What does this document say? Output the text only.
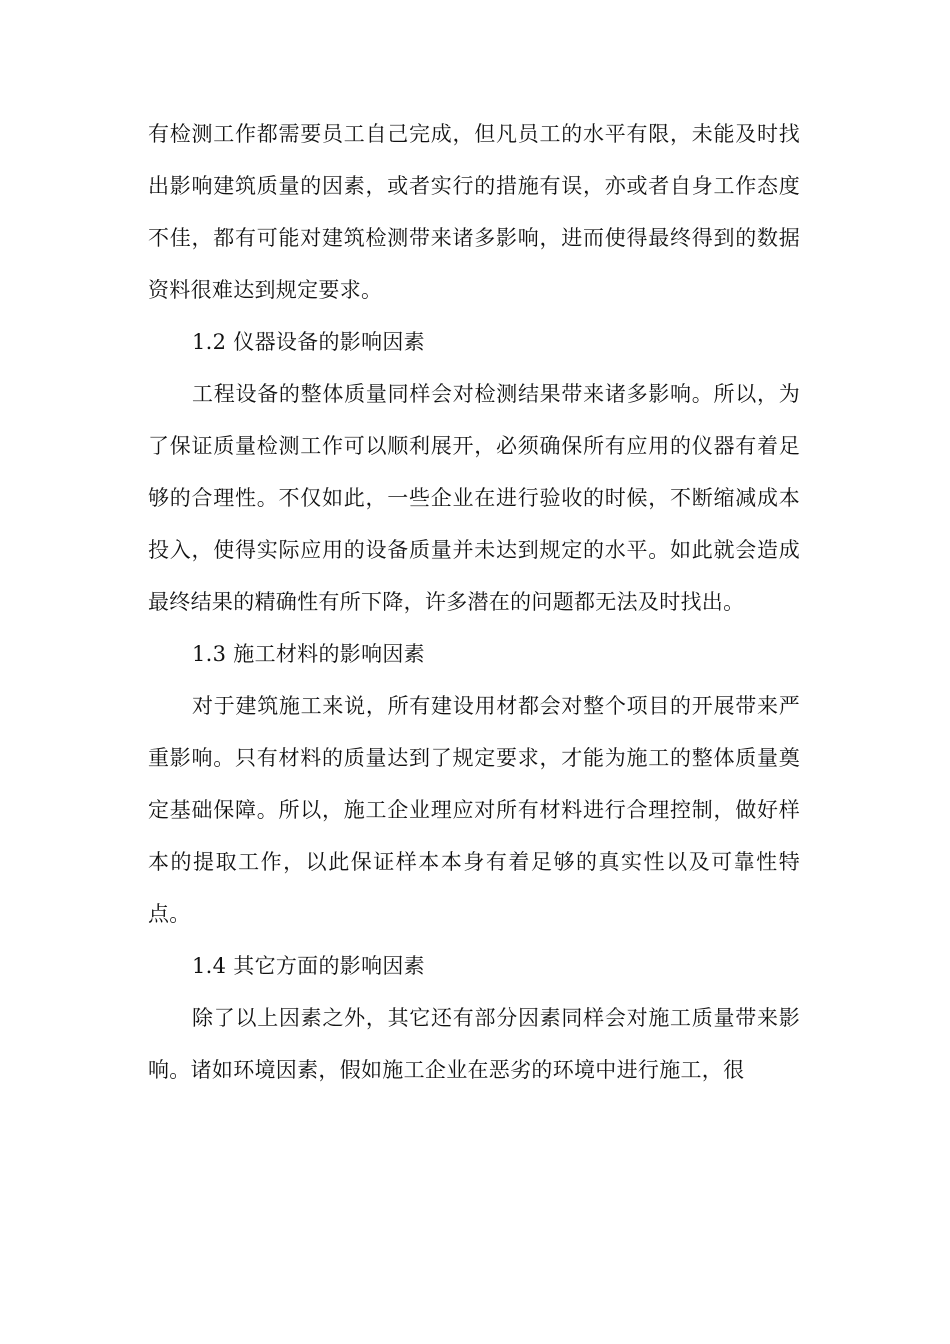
有检测工作都需要员工自己完成，但凡员工的水平有限，未能及时找出影响建筑质量的因素，或者实行的措施有误，亦或者自身工作态度不佳，都有可能对建筑检测带来诸多影响，进而使得最终得到的数据资料很难达到规定要求。

1.2 仪器设备的影响因素

工程设备的整体质量同样会对检测结果带来诸多影响。所以，为了保证质量检测工作可以顺利展开，必须确保所有应用的仪器有着足够的合理性。不仅如此，一些企业在进行验收的时候，不断缩减成本投入，使得实际应用的设备质量并未达到规定的水平。如此就会造成最终结果的精确性有所下降，许多潜在的问题都无法及时找出。

1.3 施工材料的影响因素

对于建筑施工来说，所有建设用材都会对整个项目的开展带来严重影响。只有材料的质量达到了规定要求，才能为施工的整体质量奠定基础保障。所以，施工企业理应对所有材料进行合理控制，做好样本的提取工作，以此保证样本本身有着足够的真实性以及可靠性特点。

1.4 其它方面的影响因素

除了以上因素之外，其它还有部分因素同样会对施工质量带来影响。诸如环境因素，假如施工企业在恶劣的环境中进行施工，很
